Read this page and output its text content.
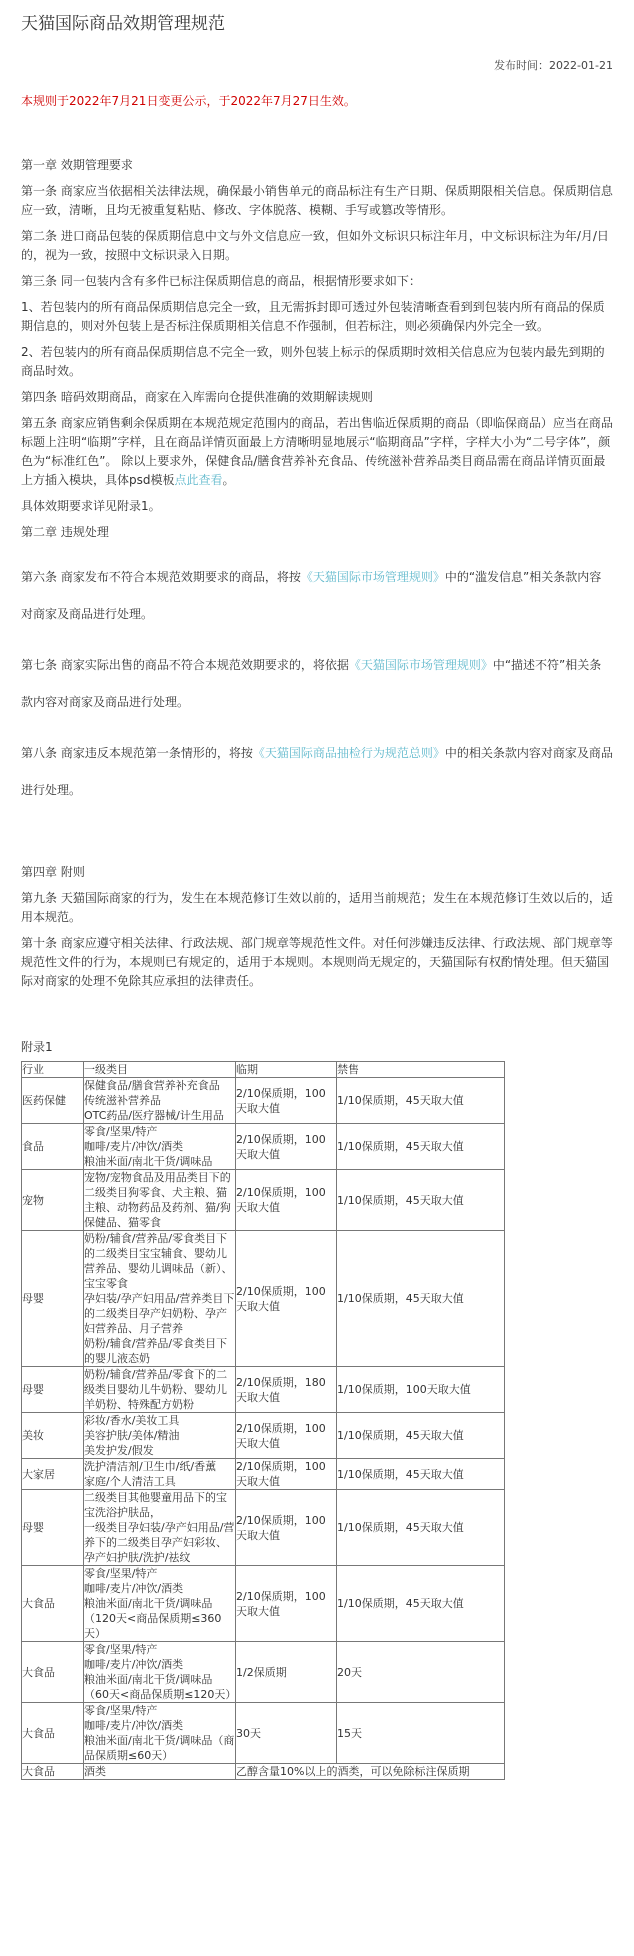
天猫国际商品效期管理规范
发布时间：2022-01-21
本规则于2022年7月21日变更公示，于2022年7月27日生效。

第一章 效期管理要求

第一条 商家应当依据相关法律法规，确保最小销售单元的商品标注有生产日期、保质期限相关信息。保质期信息应一致，清晰，且均无被重复粘贴、修改、字体脱落、模糊、手写或篡改等情形。

第二条 进口商品包装的保质期信息中文与外文信息应一致，但如外文标识只标注年月，中文标识标注为年/月/日的，视为一致，按照中文标识录入日期。

第三条 同一包装内含有多件已标注保质期信息的商品，根据情形要求如下：

1、若包装内的所有商品保质期信息完全一致，且无需拆封即可透过外包装清晰查看到到包装内所有商品的保质期信息的，则对外包装上是否标注保质期相关信息不作强制，但若标注，则必须确保内外完全一致。

2、若包装内的所有商品保质期信息不完全一致，则外包装上标示的保质期时效相关信息应为包装内最先到期的商品时效。

第四条 暗码效期商品，商家在入库需向仓提供准确的效期解读规则

第五条 商家应销售剩余保质期在本规范规定范围内的商品，若出售临近保质期的商品（即临保商品）应当在商品标题上注明“临期”字样，且在商品详情页面最上方清晰明显地展示“临期商品”字样，字样大小为“二号字体”，颜色为“标准红色”。 除以上要求外，保健食品/膳食营养补充食品、传统滋补营养品类目商品需在商品详情页面最上方插入模块，具体psd模板点此查看。

具体效期要求详见附录1。

第二章 违规处理

第六条 商家发布不符合本规范效期要求的商品，将按《天猫国际市场管理规则》中的“滥发信息”相关条款内容对商家及商品进行处理。

第七条 商家实际出售的商品不符合本规范效期要求的，将依据《天猫国际市场管理规则》中“描述不符”相关条款内容对商家及商品进行处理。

第八条 商家违反本规范第一条情形的，将按《天猫国际商品抽检行为规范总则》中的相关条款内容对商家及商品进行处理。

第四章 附则

第九条 天猫国际商家的行为，发生在本规范修订生效以前的，适用当前规范；发生在本规范修订生效以后的，适用本规范。

第十条 商家应遵守相关法律、行政法规、部门规章等规范性文件。对任何涉嫌违反法律、行政法规、部门规章等规范性文件的行为，本规则已有规定的，适用于本规则。本规则尚无规定的，天猫国际有权酌情处理。但天猫国际对商家的处理不免除其应承担的法律责任。

附录1
行业	一级类目	临期	禁售
医药保健	保健食品/膳食营养补充食品
传统滋补营养品
OTC药品/医疗器械/计生用品	2/10保质期，100天取大值	1/10保质期，45天取大值
食品	零食/坚果/特产
咖啡/麦片/冲饮/酒类
粮油米面/南北干货/调味品	2/10保质期，100天取大值	1/10保质期，45天取大值
宠物	宠物/宠物食品及用品类目下的二级类目狗零食、犬主粮、猫主粮、动物药品及药剂、猫/狗保健品、猫零食	2/10保质期，100天取大值	1/10保质期，45天取大值
母婴	奶粉/辅食/营养品/零食类目下的二级类目宝宝辅食、婴幼儿营养品、婴幼儿调味品（新）、宝宝零食
孕妇装/孕产妇用品/营养类目下的二级类目孕产妇奶粉、孕产妇营养品、月子营养
奶粉/辅食/营养品/零食类目下的婴儿液态奶	2/10保质期，100天取大值	1/10保质期，45天取大值
母婴	奶粉/辅食/营养品/零食下的二级类目婴幼儿牛奶粉、婴幼儿羊奶粉、特殊配方奶粉	2/10保质期，180天取大值	1/10保质期，100天取大值
美妆	彩妆/香水/美妆工具
美容护肤/美体/精油
美发护发/假发	2/10保质期，100天取大值	1/10保质期，45天取大值
大家居	洗护清洁剂/卫生巾/纸/香薰
家庭/个人清洁工具	2/10保质期，100天取大值	1/10保质期，45天取大值
母婴	二级类目其他婴童用品下的宝宝洗浴护肤品，
一级类目孕妇装/孕产妇用品/营养下的二级类目孕产妇彩妆、孕产妇护肤/洗护/祛纹	2/10保质期，100天取大值	1/10保质期，45天取大值
大食品	零食/坚果/特产
咖啡/麦片/冲饮/酒类
粮油米面/南北干货/调味品（120天<商品保质期≤360天）	2/10保质期，100天取大值	1/10保质期，45天取大值
大食品	零食/坚果/特产
咖啡/麦片/冲饮/酒类
粮油米面/南北干货/调味品（60天<商品保质期≤120天）	1/2保质期	20天
大食品	零食/坚果/特产
咖啡/麦片/冲饮/酒类
粮油米面/南北干货/调味品（商品保质期≤60天）	30天	15天
大食品	酒类	乙醇含量10%以上的酒类，可以免除标注保质期	
